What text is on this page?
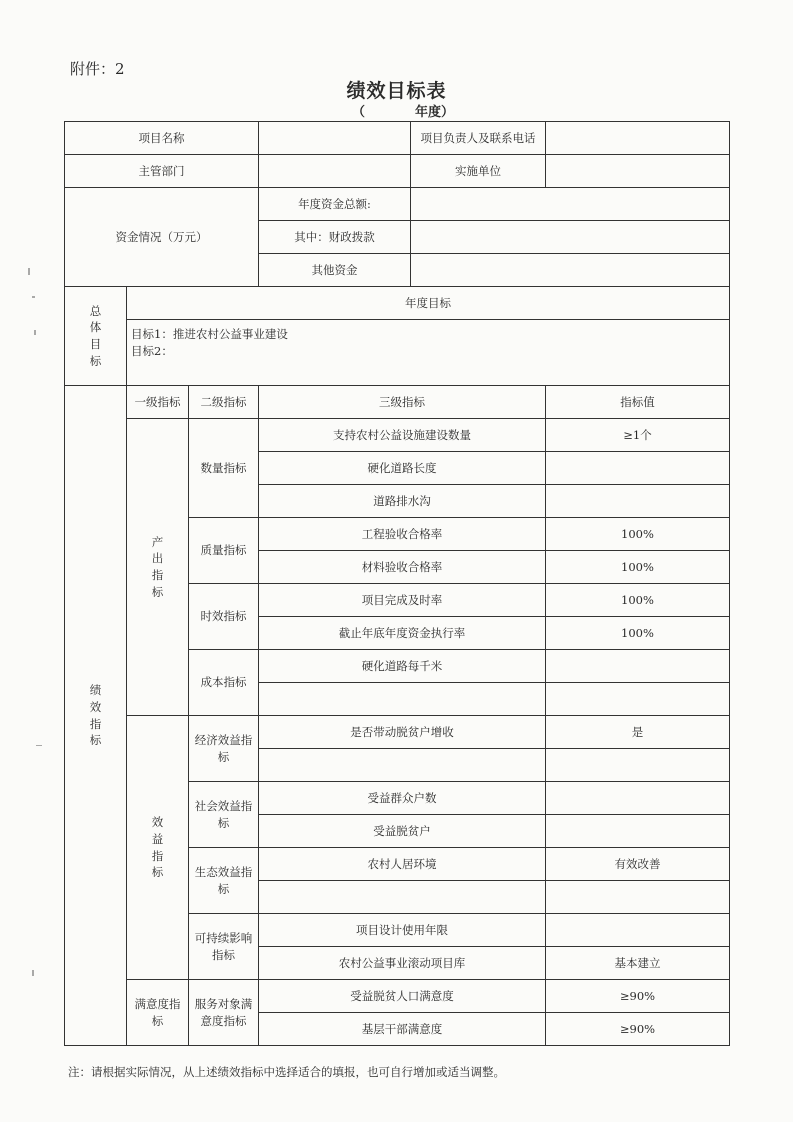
附件：2
绩效目标表
（	年度）
项目名称				项目负责人及联系电话	
主管部门				实施单位	
资金情况（万元）			年度资金总额:		
			其中：财政拨款		
			其他资金		
总体目标	年度目标				

	目标1：推进农村公益事业建设
目标2：				

绩效指标	一级指标	二级指标	三级指标		指标值
	产出指标	数量指标	支持农村公益设施建设数量		≥1个
			硬化道路长度		
			道路排水沟		
		质量指标	工程验收合格率		100%
			材料验收合格率		100%
		时效指标	项目完成及时率		100%
			截止年底年度资金执行率		100%
		成本指标	硬化道路每千米		

	效益指标	经济效益指标	是否带动脱贫户增收		是

		社会效益指标	受益群众户数		
			受益脱贫户		
		生态效益指标	农村人居环境		有效改善

		可持续影响指标	项目设计使用年限		
			农村公益事业滚动项目库		基本建立
	满意度指标	服务对象满意度指标	受益脱贫人口满意度		≥90%
			基层干部满意度		≥90%
注：请根据实际情况，从上述绩效指标中选择适合的填报，也可自行增加或适当调整。
